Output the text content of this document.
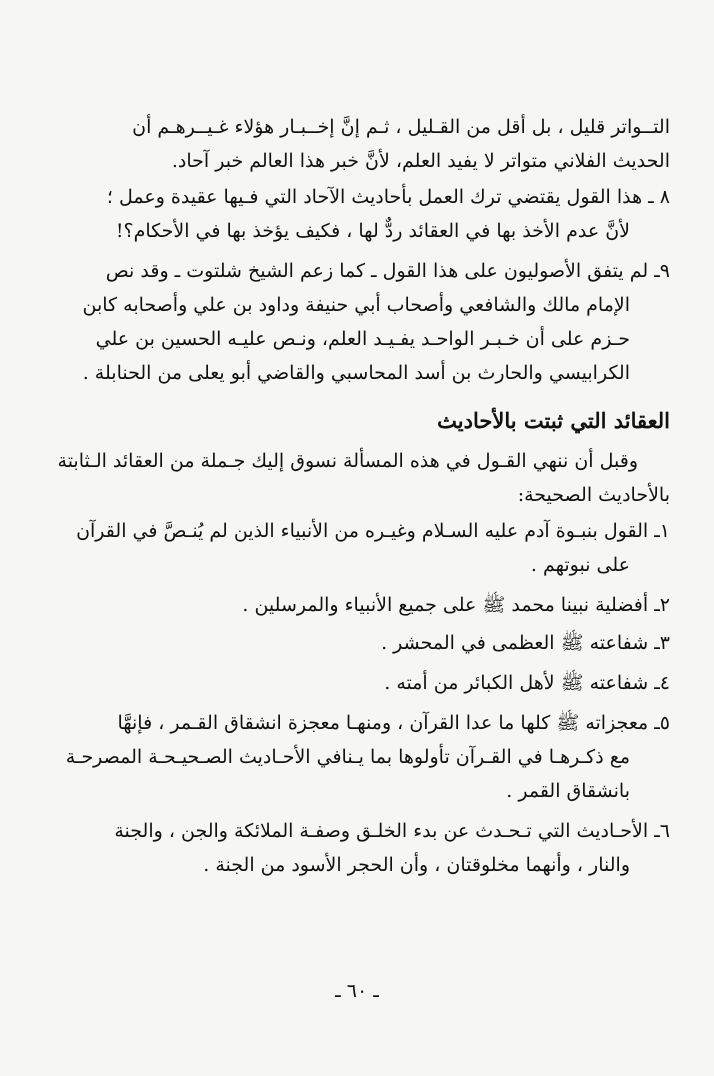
التــواتر قليل ، بل أقل من القـليل ، ثـم إنَّ إخــبـار هؤلاء غـيــرهـم أن
الحديث الفلاني متواتر لا يفيد العلم، لأنَّ خبر هذا العالم خبر آحاد.
٨ ـ هذا القول يقتضي ترك العمل بأحاديث الآحاد التي فـيها عقيدة وعمل ؛
لأنَّ عدم الأخذ بها في العقائد ردٌّ لها ، فكيف يؤخذ بها في الأحكام؟!
٩ـ لم يتفق الأصوليون على هذا القول ـ كما زعم الشيخ شلتوت ـ وقد نص
الإمام مالك والشافعي وأصحاب أبي حنيفة وداود بن علي وأصحابه كابن
حـزم على أن خـبـر الواحـد يفـيـد العلم، ونـص عليـه الحسين بن علي
الكرابيسي والحارث بن أسد المحاسبي والقاضي أبو يعلى من الحنابلة .
العقائد التي ثبتت بالأحاديث
وقبل أن ننهي القـول في هذه المسألة نسوق إليك جـملة من العقائد الـثابتة
بالأحاديث الصحيحة:
١ـ القول بنبـوة آدم عليه السـلام وغيـره من الأنبياء الذين لم يُنـصَّ في القرآن
على نبوتهم .
٢ـ أفضلية نبينا محمد ﷺ على جميع الأنبياء والمرسلين .
٣ـ شفاعته ﷺ العظمى في المحشر .
٤ـ شفاعته ﷺ لأهل الكبائر من أمته .
٥ـ معجزاته ﷺ كلها ما عدا القرآن ، ومنهـا معجزة انشقاق القـمر ، فإنهَّا
مع ذكـرهـا في القـرآن تأولوها بما يـنافي الأحـاديث الصـحيـحـة المصرحـة
بانشقاق القمر .
٦ـ الأحـاديث التي تـحـدث عن بدء الخلـق وصفـة الملائكة والجن ، والجنة
والنار ، وأنهما مخلوقتان ، وأن الحجر الأسود من الجنة .
ـ ٦٠ ـ
